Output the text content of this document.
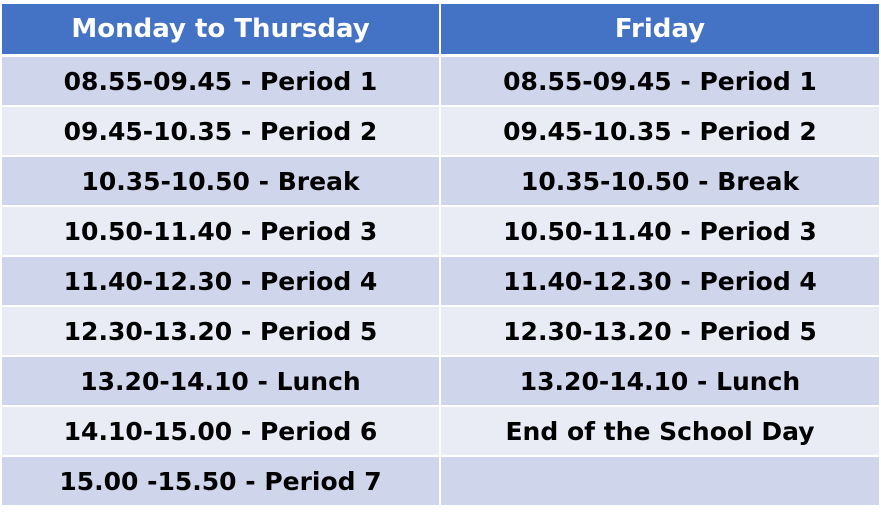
Monday to Thursday	Friday
08.55-09.45 - Period 1	08.55-09.45 - Period 1
09.45-10.35 - Period 2	09.45-10.35 - Period 2
10.35-10.50 - Break	10.35-10.50 - Break
10.50-11.40 - Period 3	10.50-11.40 - Period 3
11.40-12.30 - Period 4	11.40-12.30 - Period 4
12.30-13.20 - Period 5	12.30-13.20 - Period 5
13.20-14.10 - Lunch	13.20-14.10 - Lunch
14.10-15.00 - Period 6	End of the School Day
15.00 -15.50 - Period 7	
